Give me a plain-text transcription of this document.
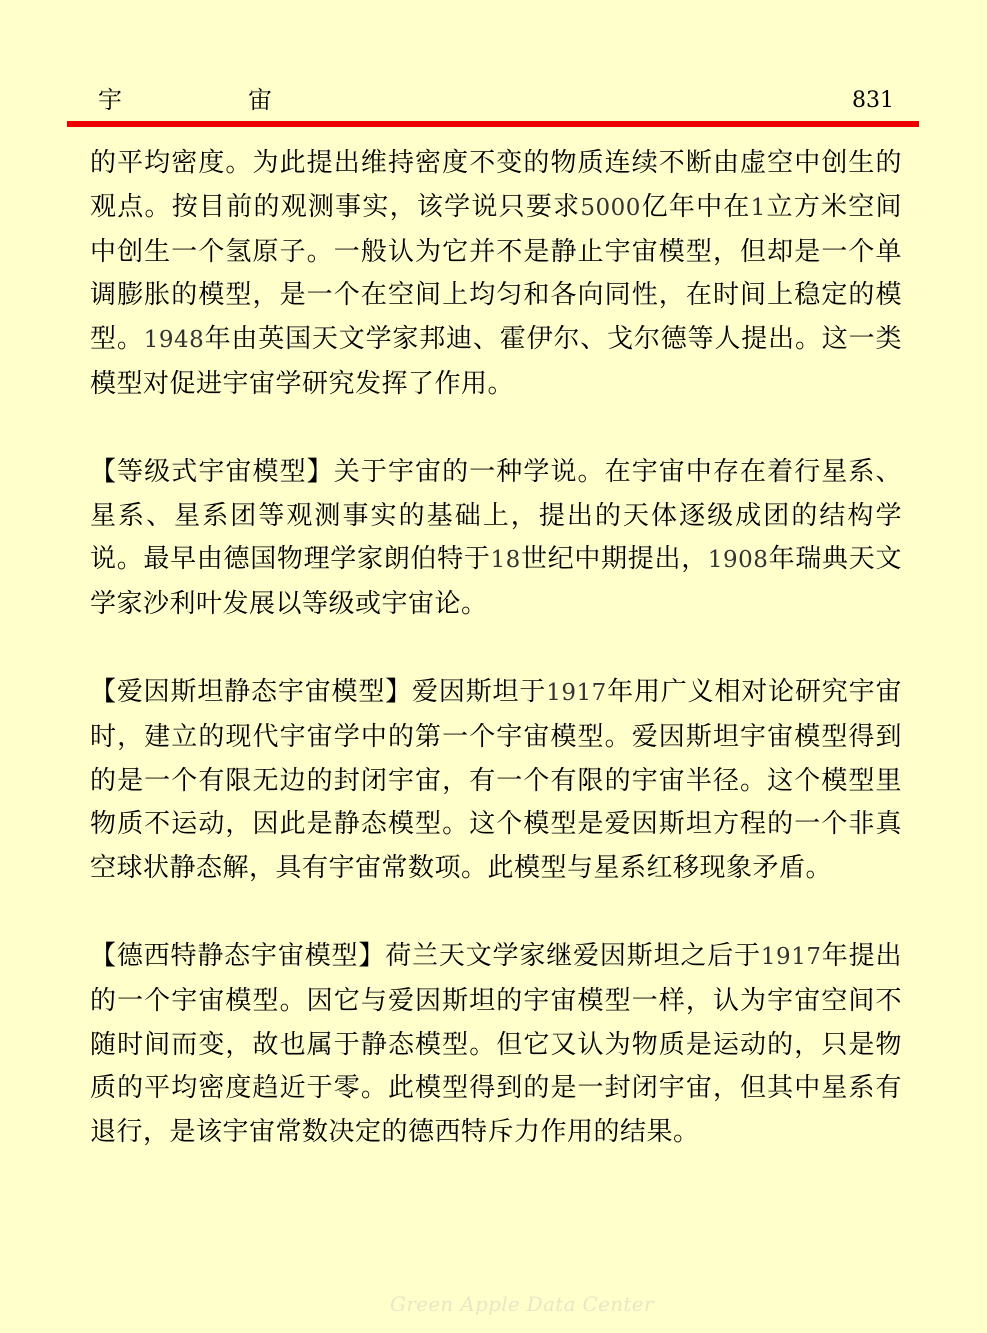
宇宙	831

的平均密度。为此提出维持密度不变的物质连续不断由虚空中创生的观点。按目前的观测事实，该学说只要求5000亿年中在1立方米空间中创生一个氢原子。一般认为它并不是静止宇宙模型，但却是一个单调膨胀的模型，是一个在空间上均匀和各向同性，在时间上稳定的模型。1948年由英国天文学家邦迪、霍伊尔、戈尔德等人提出。这一类模型对促进宇宙学研究发挥了作用。

【等级式宇宙模型】关于宇宙的一种学说。在宇宙中存在着行星系、星系、星系团等观测事实的基础上，提出的天体逐级成团的结构学说。最早由德国物理学家朗伯特于18世纪中期提出，1908年瑞典天文学家沙利叶发展以等级或宇宙论。

【爱因斯坦静态宇宙模型】爱因斯坦于1917年用广义相对论研究宇宙时，建立的现代宇宙学中的第一个宇宙模型。爱因斯坦宇宙模型得到的是一个有限无边的封闭宇宙，有一个有限的宇宙半径。这个模型里物质不运动，因此是静态模型。这个模型是爱因斯坦方程的一个非真空球状静态解，具有宇宙常数项。此模型与星系红移现象矛盾。

【德西特静态宇宙模型】荷兰天文学家继爱因斯坦之后于1917年提出的一个宇宙模型。因它与爱因斯坦的宇宙模型一样，认为宇宙空间不随时间而变，故也属于静态模型。但它又认为物质是运动的，只是物质的平均密度趋近于零。此模型得到的是一封闭宇宙，但其中星系有退行，是该宇宙常数决定的德西特斥力作用的结果。

Green Apple Data Center
